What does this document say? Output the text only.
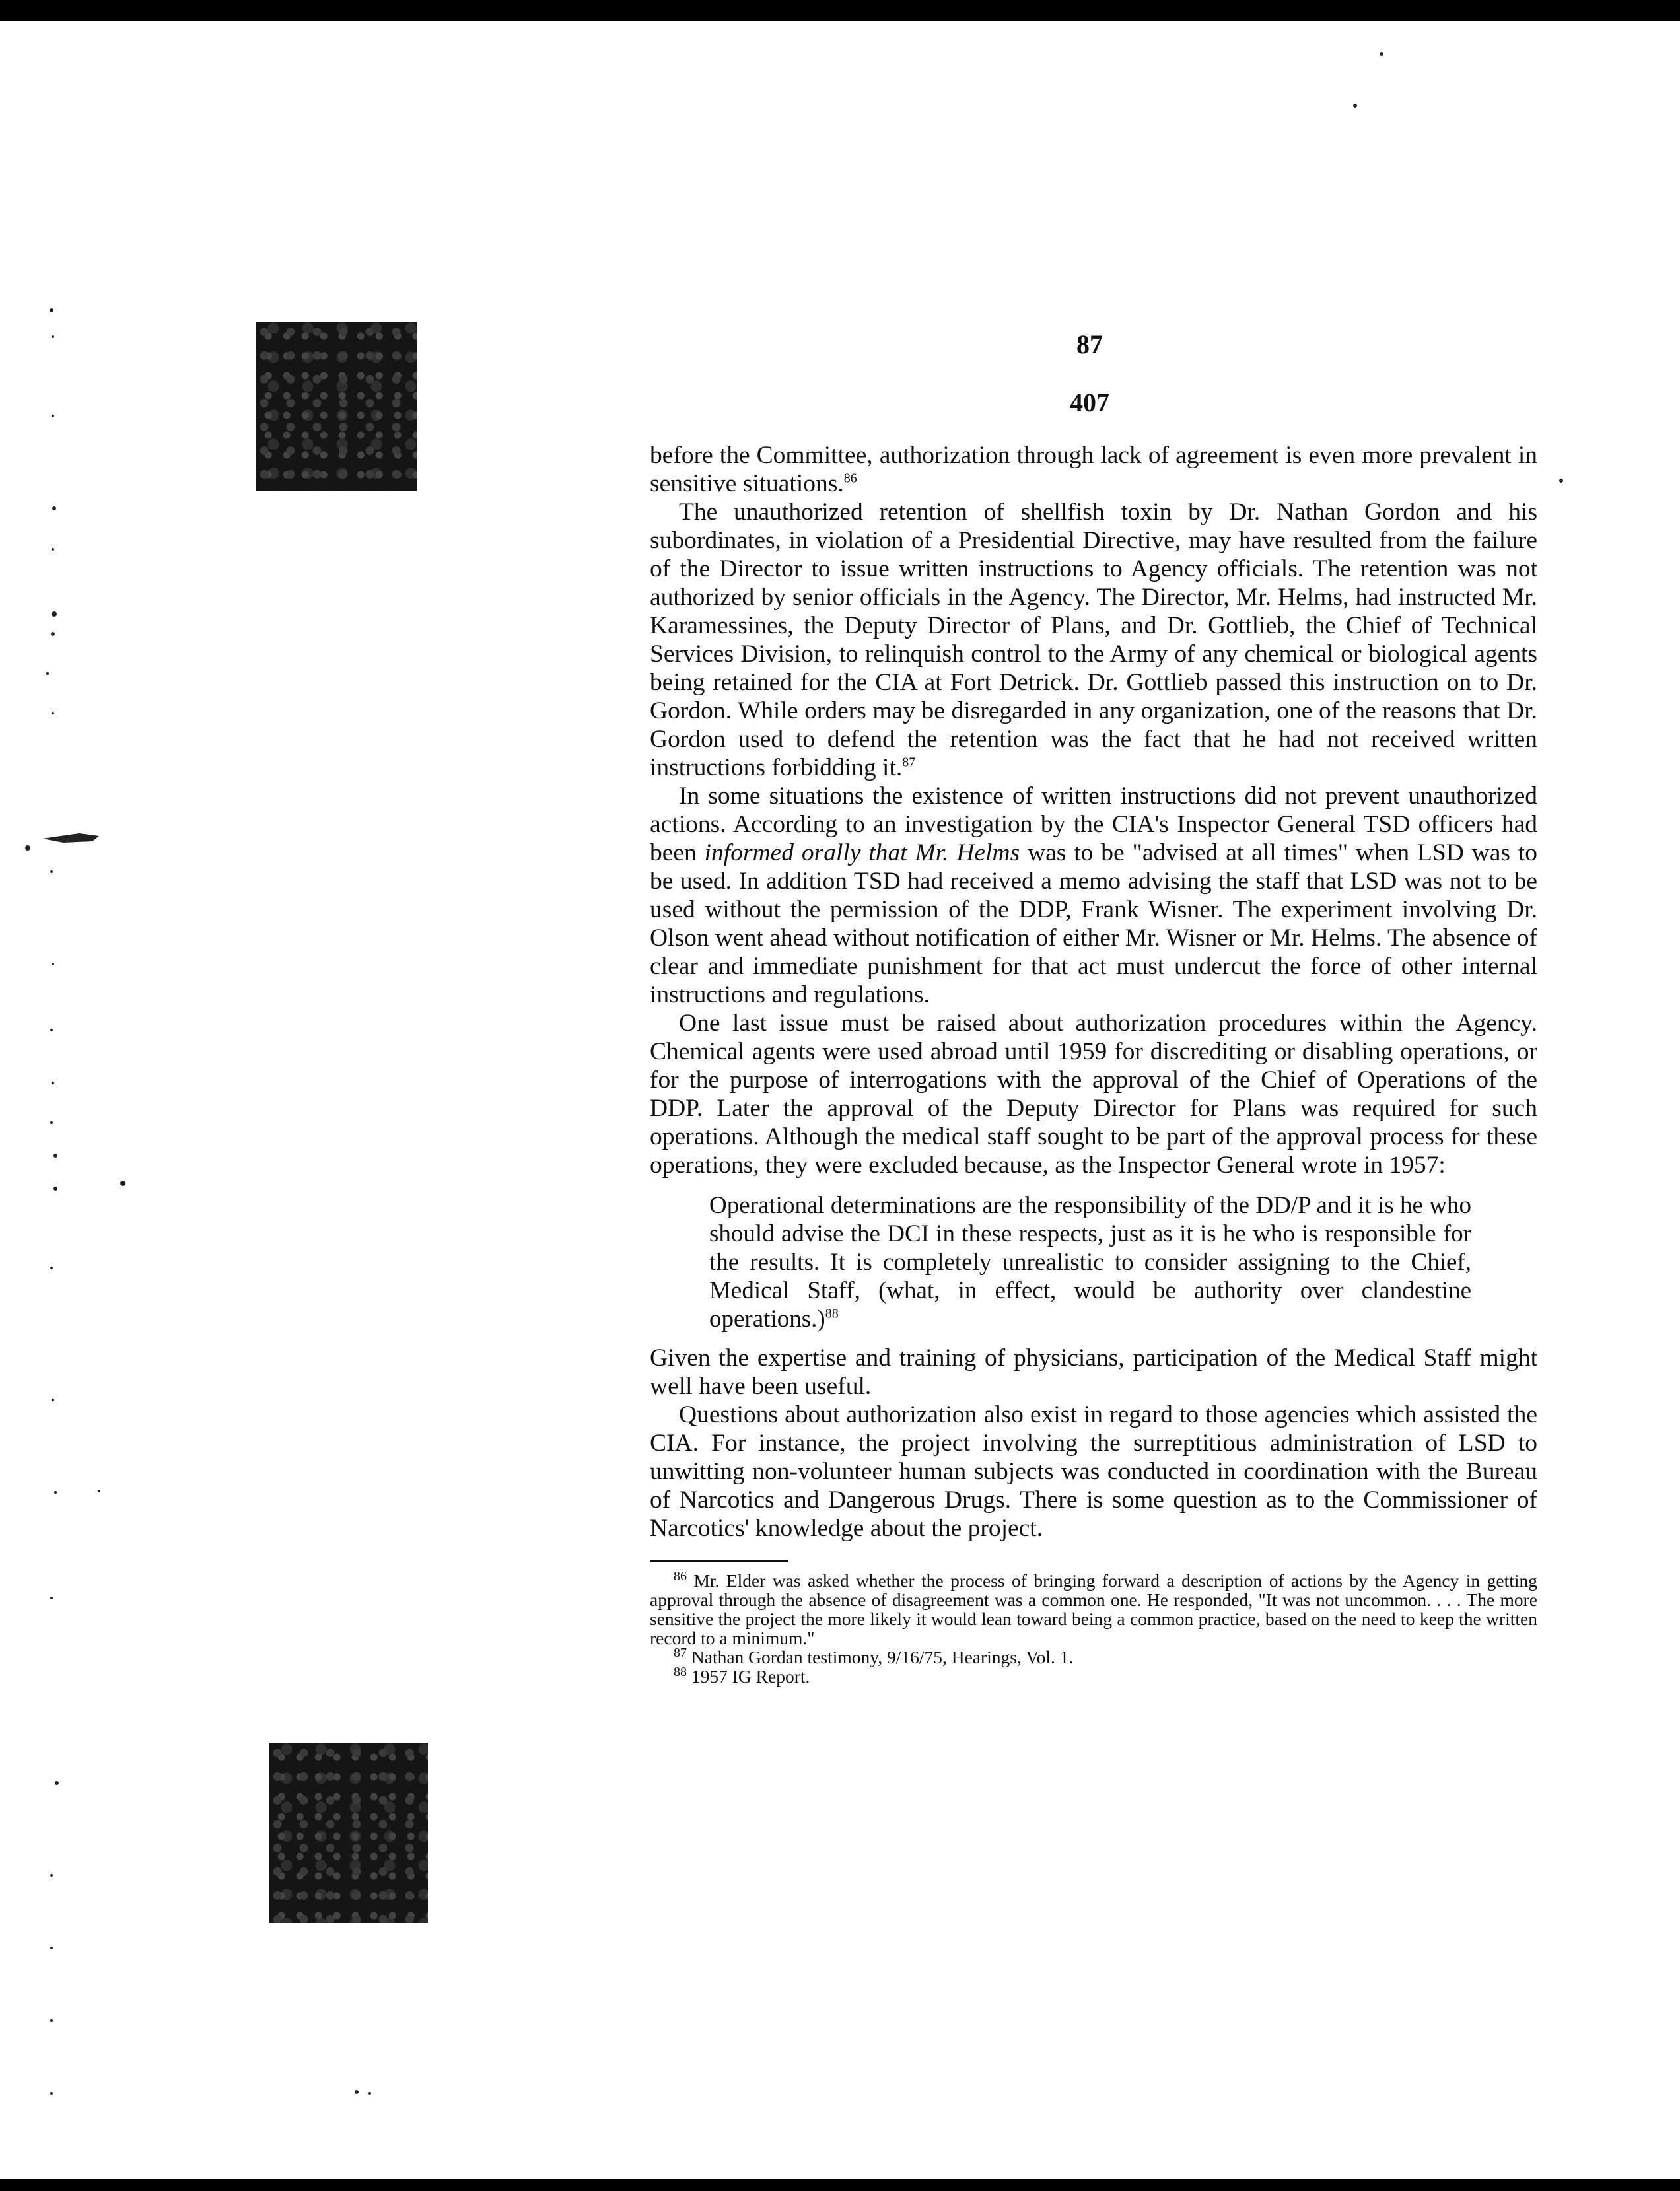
87
407

before the Committee, authorization through lack of agreement is even more prevalent in sensitive situations.$^{86}$

The unauthorized retention of shellfish toxin by Dr. Nathan Gordon and his subordinates, in violation of a Presidential Directive, may have resulted from the failure of the Director to issue written instructions to Agency officials. The retention was not authorized by senior officials in the Agency. The Director, Mr. Helms, had instructed Mr. Karamessines, the Deputy Director of Plans, and Dr. Gottlieb, the Chief of Technical Services Division, to relinquish control to the Army of any chemical or biological agents being retained for the CIA at Fort Detrick. Dr. Gottlieb passed this instruction on to Dr. Gordon. While orders may be disregarded in any organization, one of the reasons that Dr. Gordon used to defend the retention was the fact that he had not received written instructions forbidding it.$^{87}$

In some situations the existence of written instructions did not prevent unauthorized actions. According to an investigation by the CIA's Inspector General TSD officers had been informed orally that Mr. Helms was to be "advised at all times" when LSD was to be used. In addition TSD had received a memo advising the staff that LSD was not to be used without the permission of the DDP, Frank Wisner. The experiment involving Dr. Olson went ahead without notification of either Mr. Wisner or Mr. Helms. The absence of clear and immediate punishment for that act must undercut the force of other internal instructions and regulations.

One last issue must be raised about authorization procedures within the Agency. Chemical agents were used abroad until 1959 for discrediting or disabling operations, or for the purpose of interrogations with the approval of the Chief of Operations of the DDP. Later the approval of the Deputy Director for Plans was required for such operations. Although the medical staff sought to be part of the approval process for these operations, they were excluded because, as the Inspector General wrote in 1957:

Operational determinations are the responsibility of the DD/P and it is he who should advise the DCI in these respects, just as it is he who is responsible for the results. It is completely unrealistic to consider assigning to the Chief, Medical Staff, (what, in effect, would be authority over clandestine operations.)$^{88}$

Given the expertise and training of physicians, participation of the Medical Staff might well have been useful.

Questions about authorization also exist in regard to those agencies which assisted the CIA. For instance, the project involving the surreptitious administration of LSD to unwitting non-volunteer human subjects was conducted in coordination with the Bureau of Narcotics and Dangerous Drugs. There is some question as to the Commissioner of Narcotics' knowledge about the project.

$^{86}$ Mr. Elder was asked whether the process of bringing forward a description of actions by the Agency in getting approval through the absence of disagreement was a common one. He responded, "It was not uncommon. . . . The more sensitive the project the more likely it would lean toward being a common practice, based on the need to keep the written record to a minimum."

$^{87}$ Nathan Gordan testimony, 9/16/75, Hearings, Vol. 1.

$^{88}$ 1957 IG Report.
